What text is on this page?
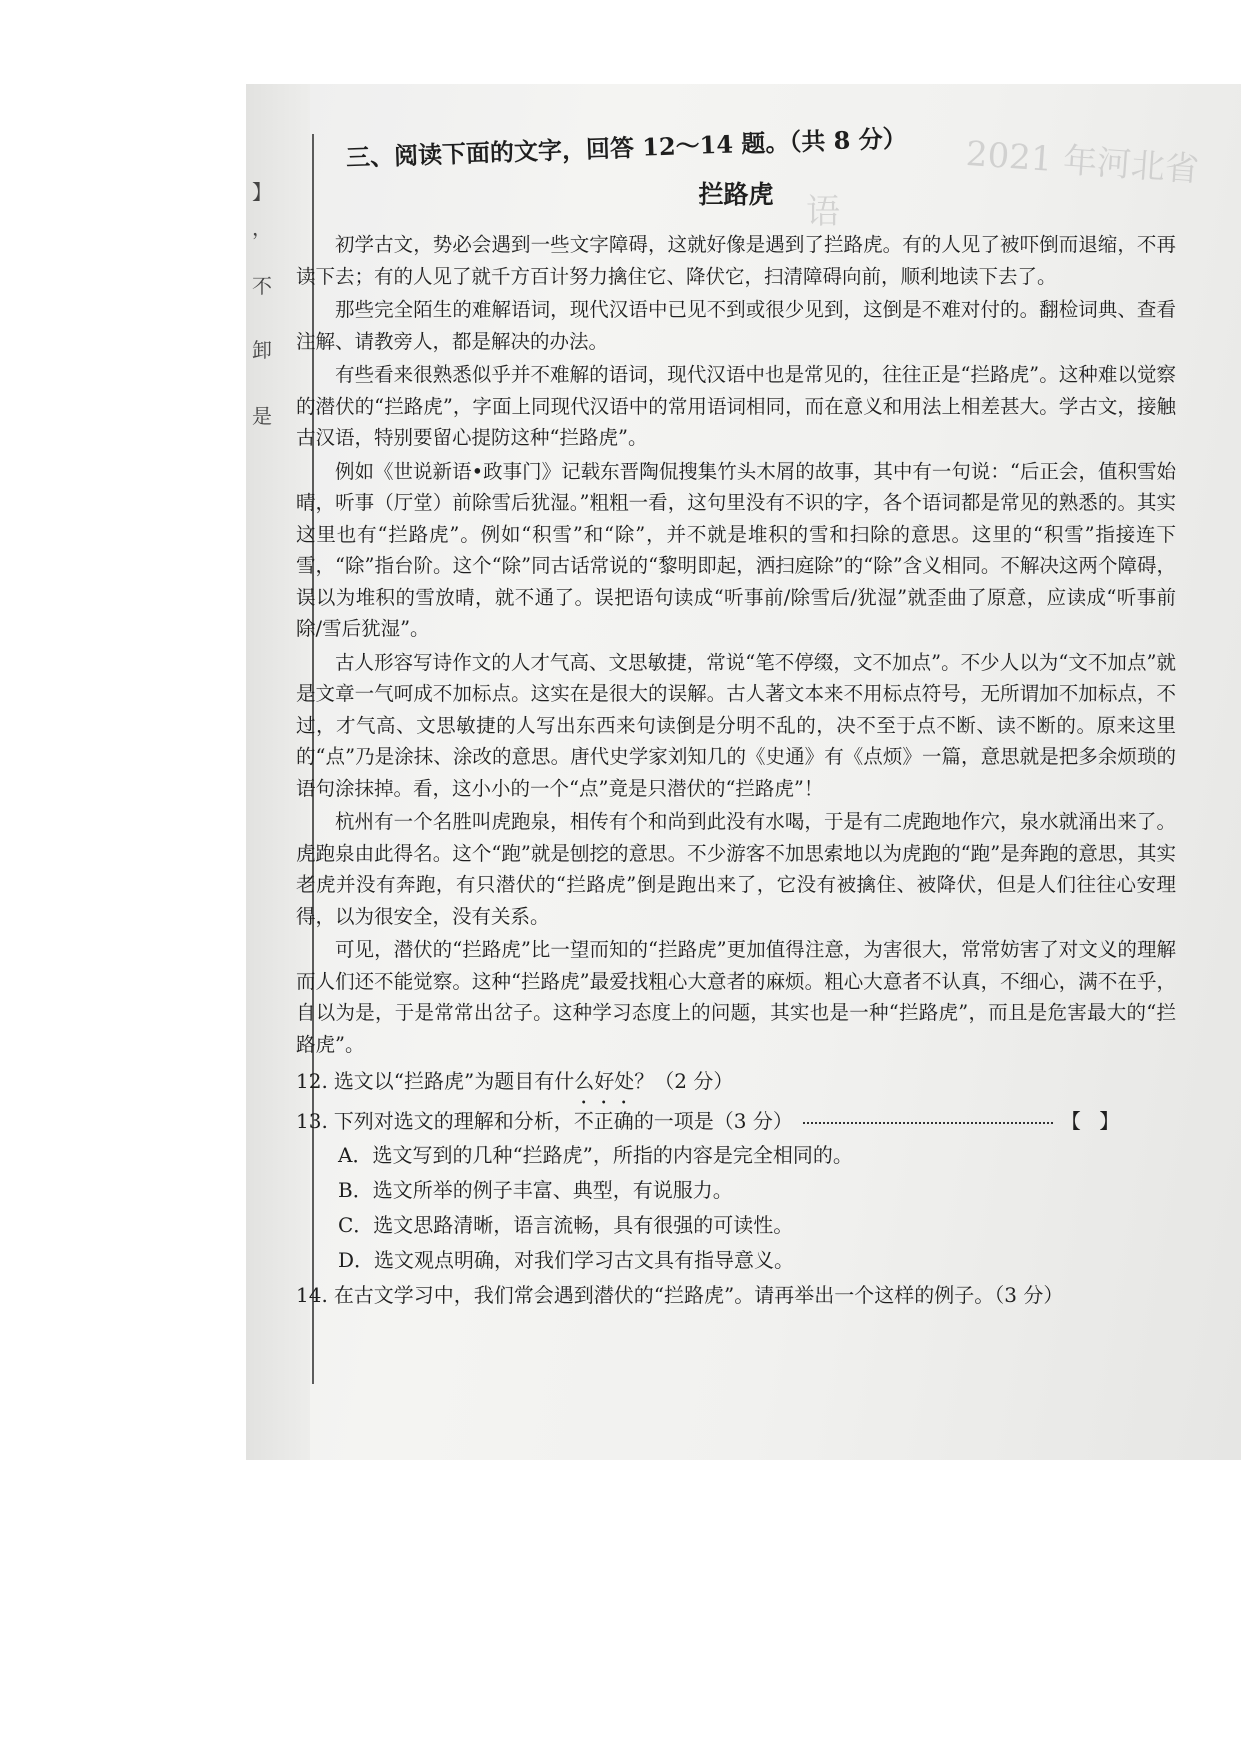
】
，
不
卸
是
2021 年河北省
语
三、阅读下面的文字，回答 12～14 题。（共 8 分）
拦路虎

初学古文，势必会遇到一些文字障碍，这就好像是遇到了拦路虎。有的人见了被吓倒而退缩，不再读下去；有的人见了就千方百计努力擒住它、降伏它，扫清障碍向前，顺利地读下去了。

那些完全陌生的难解语词，现代汉语中已见不到或很少见到，这倒是不难对付的。翻检词典、查看注解、请教旁人，都是解决的办法。

有些看来很熟悉似乎并不难解的语词，现代汉语中也是常见的，往往正是“拦路虎”。这种难以觉察的潜伏的“拦路虎”，字面上同现代汉语中的常用语词相同，而在意义和用法上相差甚大。学古文，接触古汉语，特别要留心提防这种“拦路虎”。

例如《世说新语•政事门》记载东晋陶侃搜集竹头木屑的故事，其中有一句说：“后正会，值积雪始晴，听事（厅堂）前除雪后犹湿。”粗粗一看，这句里没有不识的字，各个语词都是常见的熟悉的。其实这里也有“拦路虎”。例如“积雪”和“除”，并不就是堆积的雪和扫除的意思。这里的“积雪”指接连下雪，“除”指台阶。这个“除”同古话常说的“黎明即起，洒扫庭除”的“除”含义相同。不解决这两个障碍，误以为堆积的雪放晴，就不通了。误把语句读成“听事前/除雪后/犹湿”就歪曲了原意，应读成“听事前除/雪后犹湿”。

古人形容写诗作文的人才气高、文思敏捷，常说“笔不停缀，文不加点”。不少人以为“文不加点”就是文章一气呵成不加标点。这实在是很大的误解。古人著文本来不用标点符号，无所谓加不加标点，不过，才气高、文思敏捷的人写出东西来句读倒是分明不乱的，决不至于点不断、读不断的。原来这里的“点”乃是涂抹、涂改的意思。唐代史学家刘知几的《史通》有《点烦》一篇，意思就是把多余烦琐的语句涂抹掉。看，这小小的一个“点”竟是只潜伏的“拦路虎”！

杭州有一个名胜叫虎跑泉，相传有个和尚到此没有水喝，于是有二虎跑地作穴，泉水就涌出来了。虎跑泉由此得名。这个“跑”就是刨挖的意思。不少游客不加思索地以为虎跑的“跑”是奔跑的意思，其实老虎并没有奔跑，有只潜伏的“拦路虎”倒是跑出来了，它没有被擒住、被降伏，但是人们往往心安理得，以为很安全，没有关系。

可见，潜伏的“拦路虎”比一望而知的“拦路虎”更加值得注意，为害很大，常常妨害了对文义的理解而人们还不能觉察。这种“拦路虎”最爱找粗心大意者的麻烦。粗心大意者不认真，不细心，满不在乎，自以为是，于是常常出岔子。这种学习态度上的问题，其实也是一种“拦路虎”，而且是危害最大的“拦路虎”。

12. 选文以“拦路虎”为题目有什么好处？（2 分）

13. 下列对选文的理解和分析，不正确的一项是（3 分）	【 】

A．选文写到的几种“拦路虎”，所指的内容是完全相同的。

B．选文所举的例子丰富、典型，有说服力。

C．选文思路清晰，语言流畅，具有很强的可读性。

D．选文观点明确，对我们学习古文具有指导意义。

14. 在古文学习中，我们常会遇到潜伏的“拦路虎”。请再举出一个这样的例子。（3 分）
